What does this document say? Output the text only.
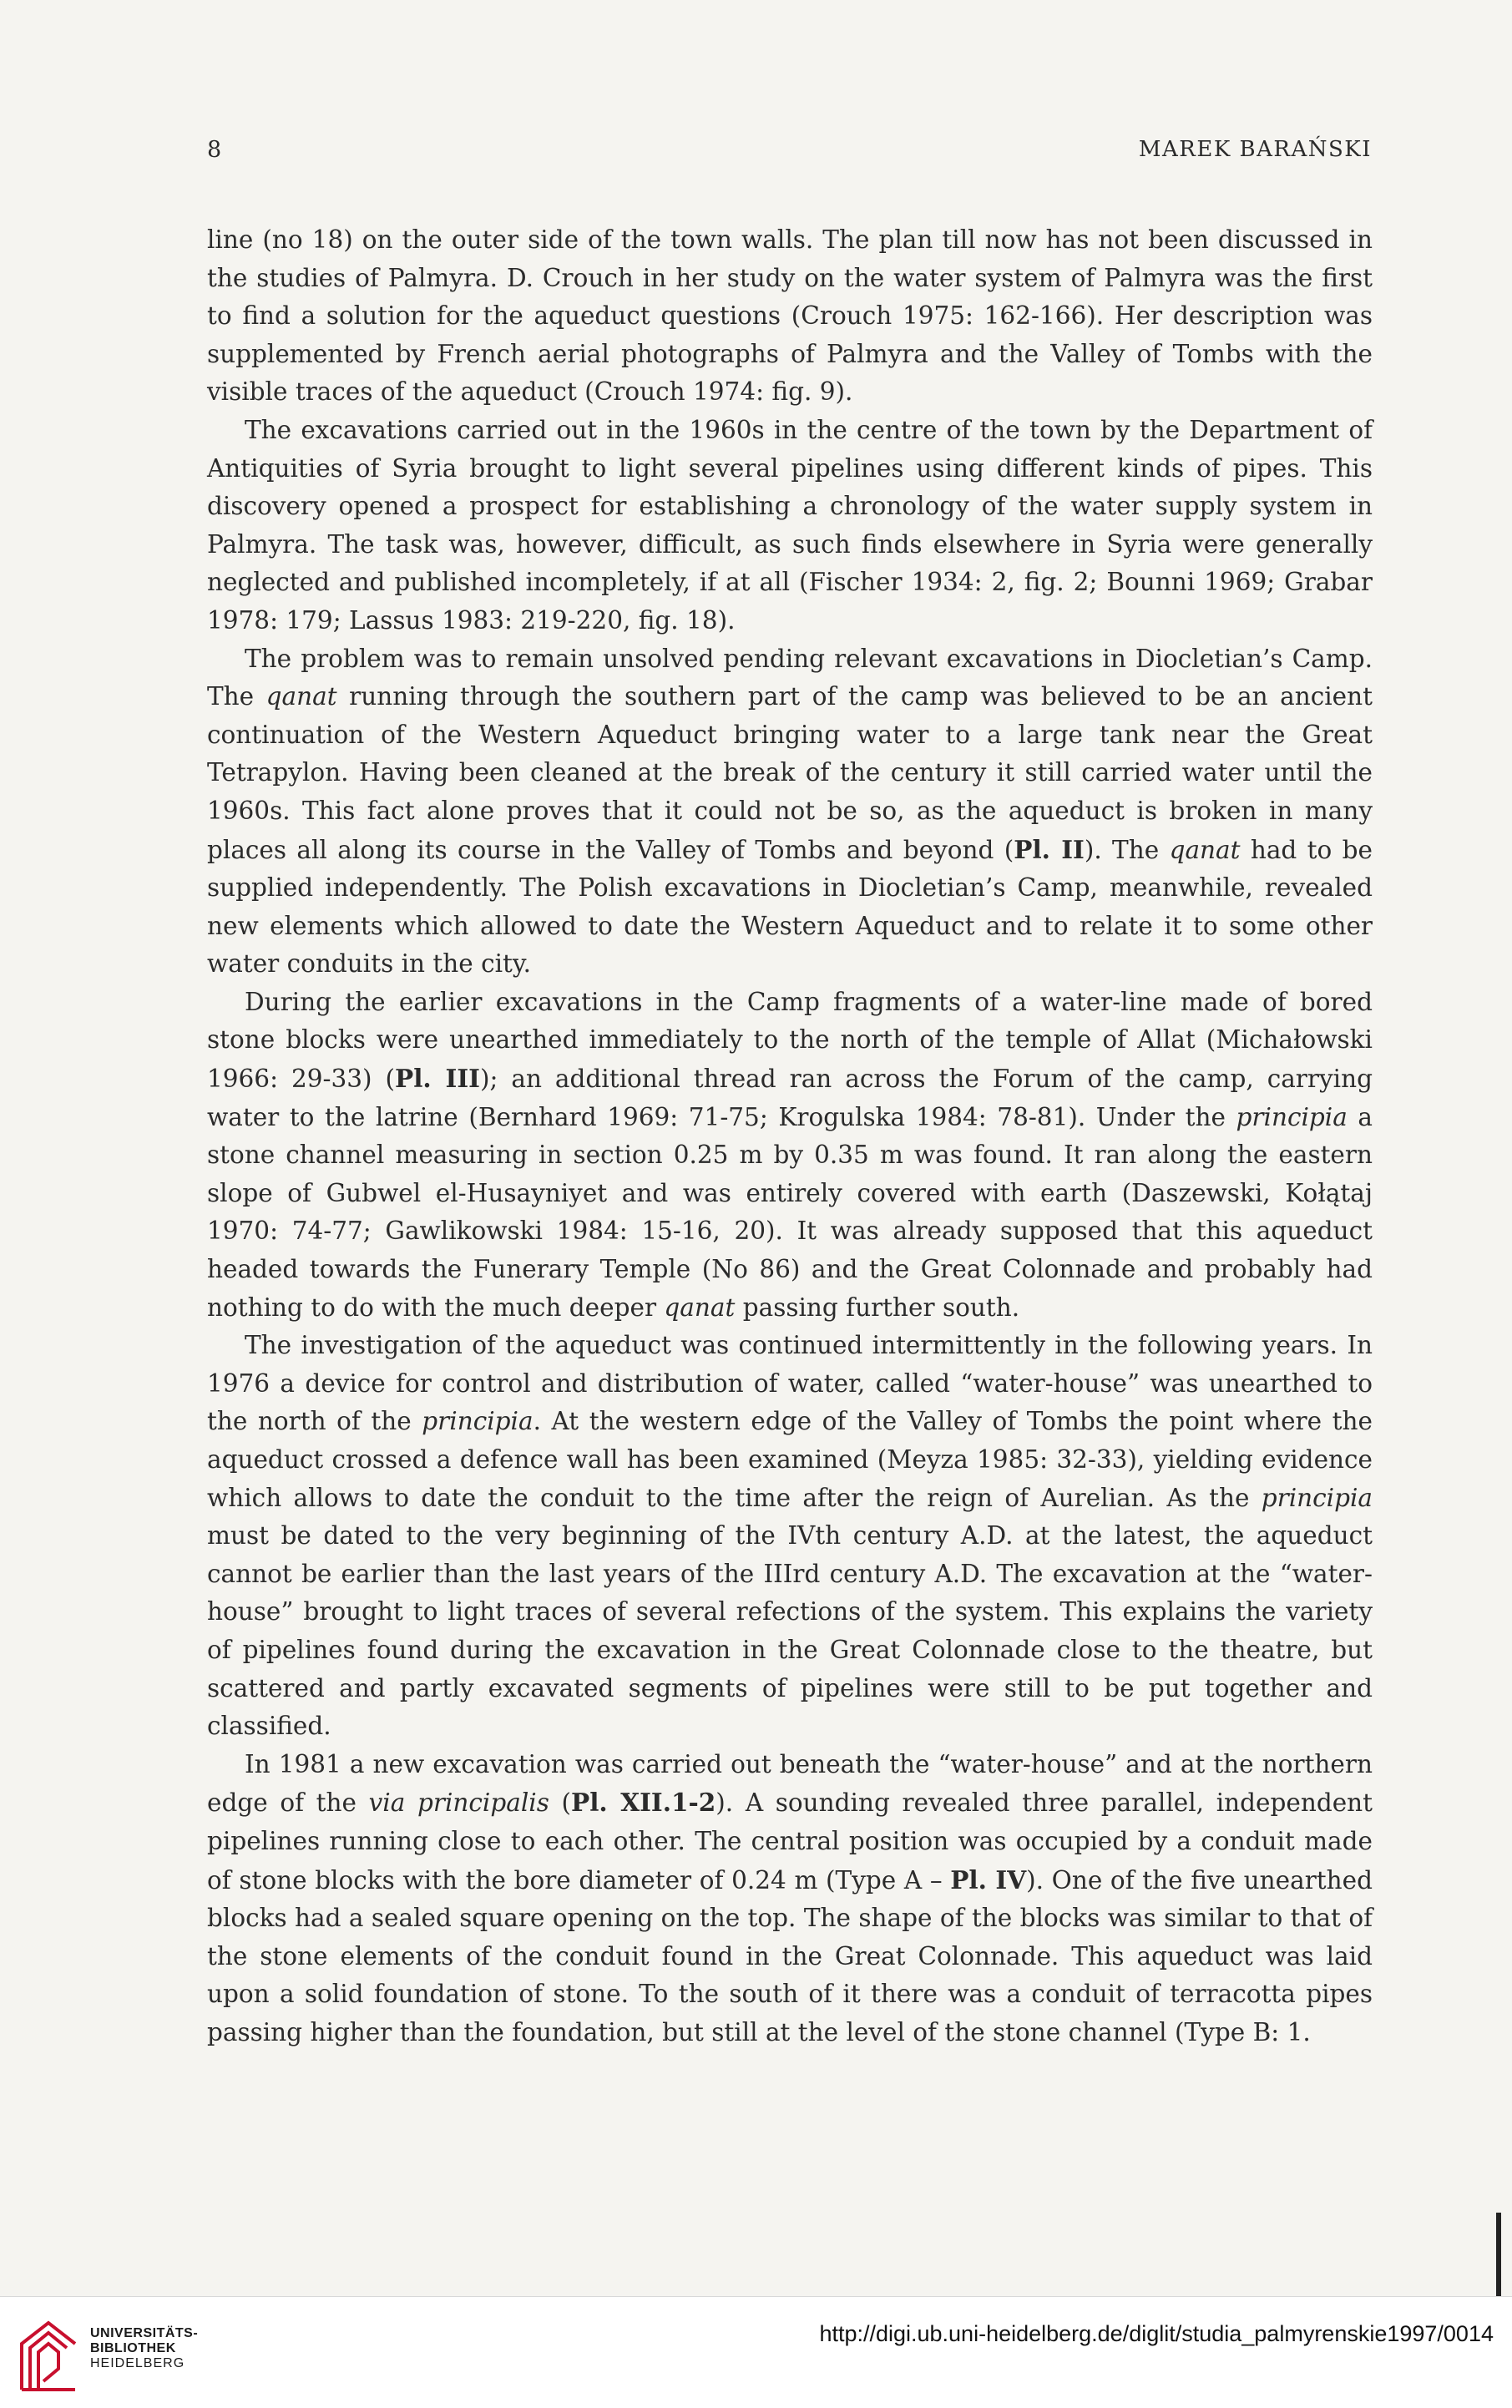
8	MAREK BARAŃSKI

line (no 18) on the outer side of the town walls. The plan till now has not been discussed in the studies of Palmyra. D. Crouch in her study on the water system of Palmyra was the first to find a solution for the aqueduct questions (Crouch 1975: 162-166). Her description was supplemented by French aerial photographs of Palmyra and the Valley of Tombs with the visible traces of the aqueduct (Crouch 1974: fig. 9).

The excavations carried out in the 1960s in the centre of the town by the Department of Antiquities of Syria brought to light several pipelines using different kinds of pipes. This discovery opened a prospect for establishing a chronology of the water supply system in Palmyra. The task was, however, difficult, as such finds elsewhere in Syria were generally neglected and published incompletely, if at all (Fischer 1934: 2, fig. 2; Bounni 1969; Grabar 1978: 179; Lassus 1983: 219-220, fig. 18).

The problem was to remain unsolved pending relevant excavations in Diocletian’s Camp. The qanat running through the southern part of the camp was believed to be an ancient continuation of the Western Aqueduct bringing water to a large tank near the Great Tetrapylon. Having been cleaned at the break of the century it still carried water until the 1960s. This fact alone proves that it could not be so, as the aqueduct is broken in many places all along its course in the Valley of Tombs and beyond (Pl. II). The qanat had to be supplied independently. The Polish excavations in Diocletian’s Camp, meanwhile, revealed new elements which allowed to date the Western Aqueduct and to relate it to some other water conduits in the city.

During the earlier excavations in the Camp fragments of a water-line made of bored stone blocks were unearthed immediately to the north of the temple of Allat (Michałowski 1966: 29-33) (Pl. III); an additional thread ran across the Forum of the camp, carrying water to the latrine (Bernhard 1969: 71-75; Krogulska 1984: 78-81). Under the principia a stone channel measuring in section 0.25 m by 0.35 m was found. It ran along the eastern slope of Gubwel el-Husayniyet and was entirely covered with earth (Daszewski, Kołątaj 1970: 74-77; Gawlikowski 1984: 15-16, 20). It was already supposed that this aqueduct headed towards the Funerary Temple (No 86) and the Great Colonnade and probably had nothing to do with the much deeper qanat passing further south.

The investigation of the aqueduct was continued intermittently in the following years. In 1976 a device for control and distribution of water, called “water-house” was unearthed to the north of the principia. At the western edge of the Valley of Tombs the point where the aqueduct crossed a defence wall has been examined (Meyza 1985: 32-33), yielding evidence which allows to date the conduit to the time after the reign of Aurelian. As the principia must be dated to the very beginning of the IVth century A.D. at the latest, the aqueduct cannot be earlier than the last years of the IIIrd century A.D. The excavation at the “water-house” brought to light traces of several refections of the system. This explains the variety of pipelines found during the excavation in the Great Colonnade close to the theatre, but scattered and partly excavated segments of pipelines were still to be put together and classified.

In 1981 a new excavation was carried out beneath the “water-house” and at the northern edge of the via principalis (Pl. XII.1-2). A sounding revealed three parallel, independent pipelines running close to each other. The central position was occupied by a conduit made of stone blocks with the bore diameter of 0.24 m (Type A – Pl. IV). One of the five unearthed blocks had a sealed square opening on the top. The shape of the blocks was similar to that of the stone elements of the conduit found in the Great Colonnade. This aqueduct was laid upon a solid foundation of stone. To the south of it there was a conduit of terracotta pipes passing higher than the foundation, but still at the level of the stone channel (Type B: 1.

UNIVERSITÄTS-
BIBLIOTHEK
HEIDELBERG
http://digi.ub.uni-heidelberg.de/diglit/studia_palmyrenskie1997/0014
